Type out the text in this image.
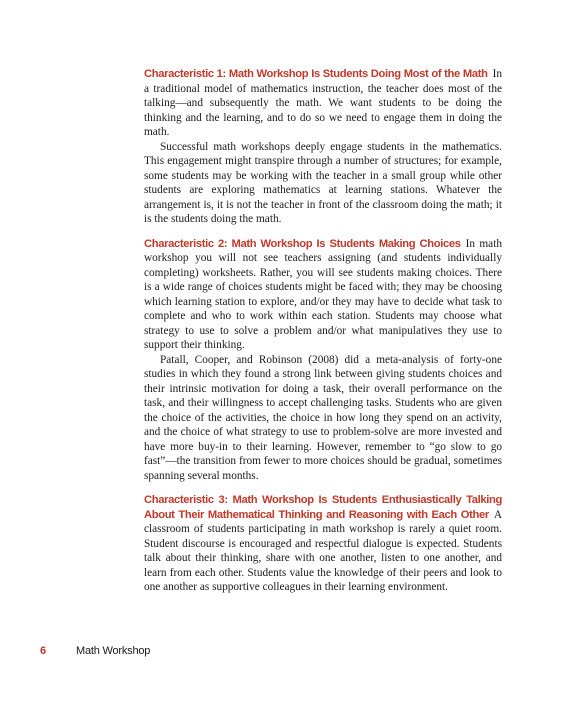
Characteristic 1: Math Workshop Is Students Doing Most of the Math In a traditional model of mathematics instruction, the teacher does most of the talking—and subsequently the math. We want students to be doing the thinking and the learning, and to do so we need to engage them in doing the math.

Successful math workshops deeply engage students in the mathematics. This engagement might transpire through a number of structures; for example, some students may be working with the teacher in a small group while other students are exploring mathematics at learning stations. Whatever the arrangement is, it is not the teacher in front of the classroom doing the math; it is the students doing the math.

Characteristic 2: Math Workshop Is Students Making Choices In math workshop you will not see teachers assigning (and students individually completing) worksheets. Rather, you will see students making choices. There is a wide range of choices students might be faced with; they may be choosing which learning station to explore, and/or they may have to decide what task to complete and who to work within each station. Students may choose what strategy to use to solve a problem and/or what manipulatives they use to support their thinking.

Patall, Cooper, and Robinson (2008) did a meta-analysis of forty-one studies in which they found a strong link between giving students choices and their intrinsic motivation for doing a task, their overall performance on the task, and their willingness to accept challenging tasks. Students who are given the choice of the activities, the choice in how long they spend on an activity, and the choice of what strategy to use to problem-solve are more invested and have more buy-in to their learning. However, remember to “go slow to go fast”—the transition from fewer to more choices should be gradual, sometimes spanning several months.

Characteristic 3: Math Workshop Is Students Enthusiastically Talking About Their Mathematical Thinking and Reasoning with Each Other A classroom of students participating in math workshop is rarely a quiet room. Student discourse is encouraged and respectful dialogue is expected. Students talk about their thinking, share with one another, listen to one another, and learn from each other. Students value the knowledge of their peers and look to one another as supportive colleagues in their learning environment.

6	Math Workshop
